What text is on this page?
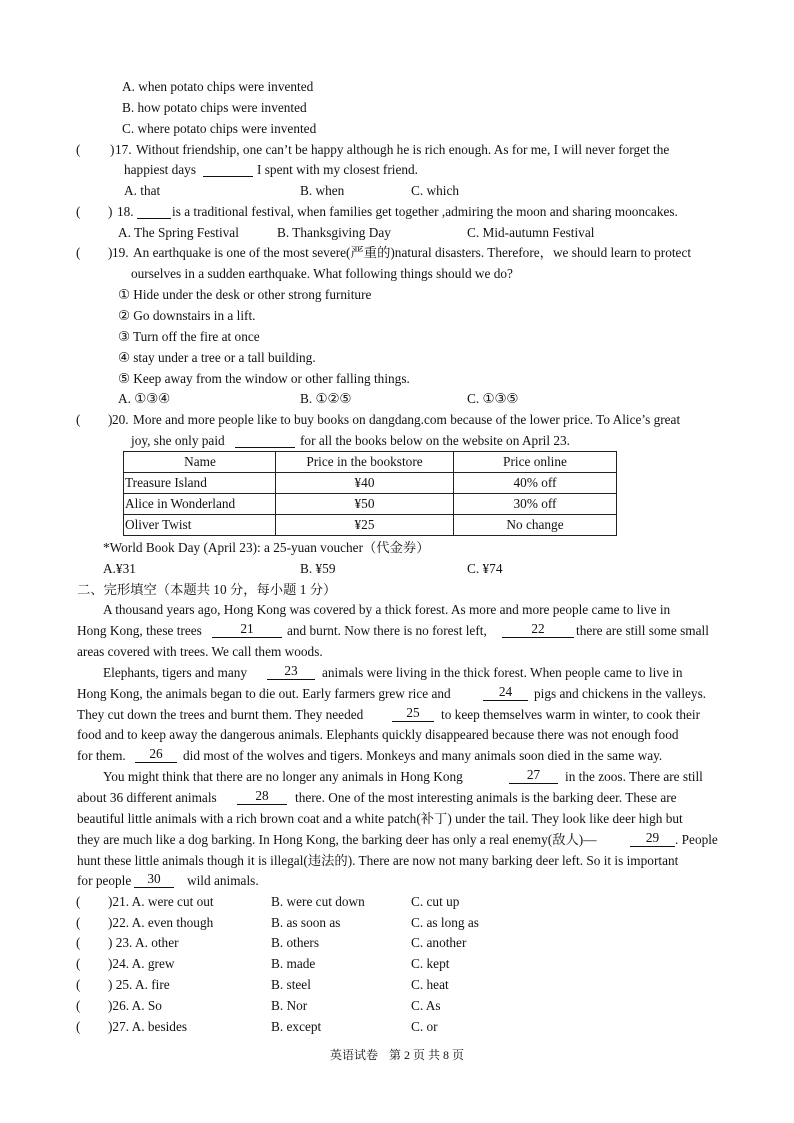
A. when potato chips were invented
B. how potato chips were invented
C. where potato chips were invented
( ) 17. Without friendship, one can’t be happy although he is rich enough. As for me, I will never forget the
happiest days	I spent with my closest friend.
A. that	B. when	C. which
( ) 18.	is a traditional festival, when families get together ,admiring the moon and sharing mooncakes.
A. The Spring Festival	B. Thanksgiving Day	C. Mid-autumn Festival
( ) 19. An earthquake is one of the most severe(严重的)natural disasters. Therefore，we should learn to protect
ourselves in a sudden earthquake. What following things should we do?
① Hide under the desk or other strong furniture
② Go downstairs in a lift.
③ Turn off the fire at once
④ stay under a tree or a tall building.
⑤ Keep away from the window or other falling things.
A. ①③④	B. ①②⑤	C. ①③⑤
( ) 20. More and more people like to buy books on dangdang.com because of the lower price. To Alice’s great
joy, she only paid	for all the books below on the website on April 23.
Name	Price in the bookstore	Price online
Treasure Island	¥40	40% off
Alice in Wonderland	¥50	30% off
Oliver Twist	¥25	No change
*World Book Day (April 23): a 25-yuan voucher（代金券）
A.¥31	B. ¥59	C. ¥74
二、完形填空（本题共 10 分，每小题 1 分）
A thousand years ago, Hong Kong was covered by a thick forest. As more and more people came to live in
Hong Kong, these trees	21	and burnt. Now there is no forest left,	22	there are still some small
areas covered with trees. We call them woods.
Elephants, tigers and many	23	animals were living in the thick forest. When people came to live in
Hong Kong, the animals began to die out. Early farmers grew rice and	24	pigs and chickens in the valleys.
They cut down the trees and burnt them. They needed	25	to keep themselves warm in winter, to cook their
food and to keep away the dangerous animals. Elephants quickly disappeared because there was not enough food
for them.	26	did most of the wolves and tigers. Monkeys and many animals soon died in the same way.
You might think that there are no longer any animals in Hong Kong	27	in the zoos. There are still
about 36 different animals	28	there. One of the most interesting animals is the barking deer. These are
beautiful little animals with a rich brown coat and a white patch(补丁) under the tail. They look like deer high but
they are much like a dog barking. In Hong Kong, the barking deer has only a real enemy(敌人)—	29	. People
hunt these little animals though it is illegal(违法的). There are now not many barking deer left. So it is important
for people	30	wild animals.
( )21. A. were cut out	B. were cut down	C. cut up
( )22. A. even though	B. as soon as	C. as long as
( ) 23. A. other	B. others	C. another
( )24. A. grew	B. made	C. kept
( ) 25. A. fire	B. steel	C. heat
( )26. A. So	B. Nor	C. As
( )27. A. besides	B. except	C. or
英语试卷 第 2 页 共 8 页
